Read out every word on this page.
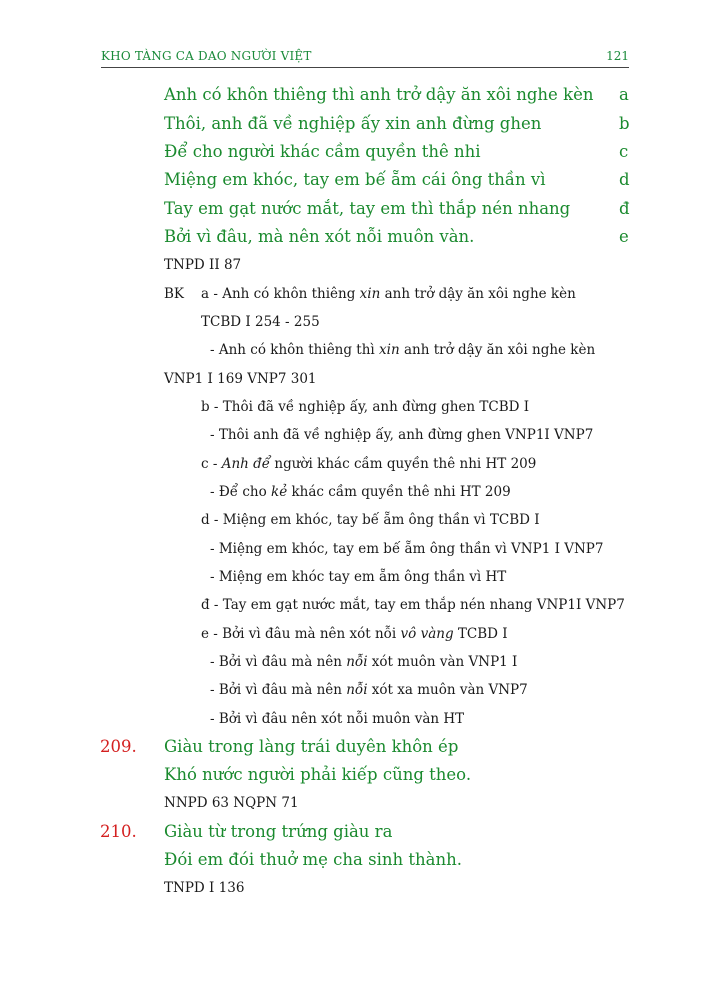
KHO TÀNG CA DAO NGƯỜI VIỆT	121
Anh có khôn thiêng thì anh trở dậy ăn xôi nghe kèn a
Thôi, anh đã về nghiệp ấy xin anh đừng ghen	b
Để cho người khác cầm quyền thê nhi	c
Miệng em khóc, tay em bế ẵm cái ông thần vì	d
Tay em gạt nước mắt, tay em thì thắp nén nhang	đ
Bởi vì đâu, mà nên xót nỗi muôn vàn.	e
TNPD II 87
BK a - Anh có khôn thiêng xin anh trở dậy ăn xôi nghe kèn
TCBD I 254 - 255
- Anh có khôn thiêng thì xin anh trở dậy ăn xôi nghe kèn
VNP1 I 169 VNP7 301
b - Thôi đã về nghiệp ấy, anh đừng ghen TCBD I
- Thôi anh đã về nghiệp ấy, anh đừng ghen VNP1I VNP7
c - Anh để người khác cầm quyền thê nhi HT 209
- Để cho kẻ khác cầm quyền thê nhi HT 209
d - Miệng em khóc, tay bế ẵm ông thần vì TCBD I
- Miệng em khóc, tay em bế ẵm ông thần vì VNP1 I VNP7
- Miệng em khóc tay em ẵm ông thần vì HT
đ - Tay em gạt nước mắt, tay em thắp nén nhang VNP1I VNP7
e - Bởi vì đâu mà nên xót nỗi vô vàng TCBD I
- Bởi vì đâu mà nên nỗi xót muôn vàn VNP1 I
- Bởi vì đâu mà nên nỗi xót xa muôn vàn VNP7
- Bởi vì đâu nên xót nỗi muôn vàn HT
209. Giàu trong làng trái duyên khôn ép
Khó nước người phải kiếp cũng theo.
NNPD 63 NQPN 71
210. Giàu từ trong trứng giàu ra
Đói em đói thuở mẹ cha sinh thành.
TNPD I 136
